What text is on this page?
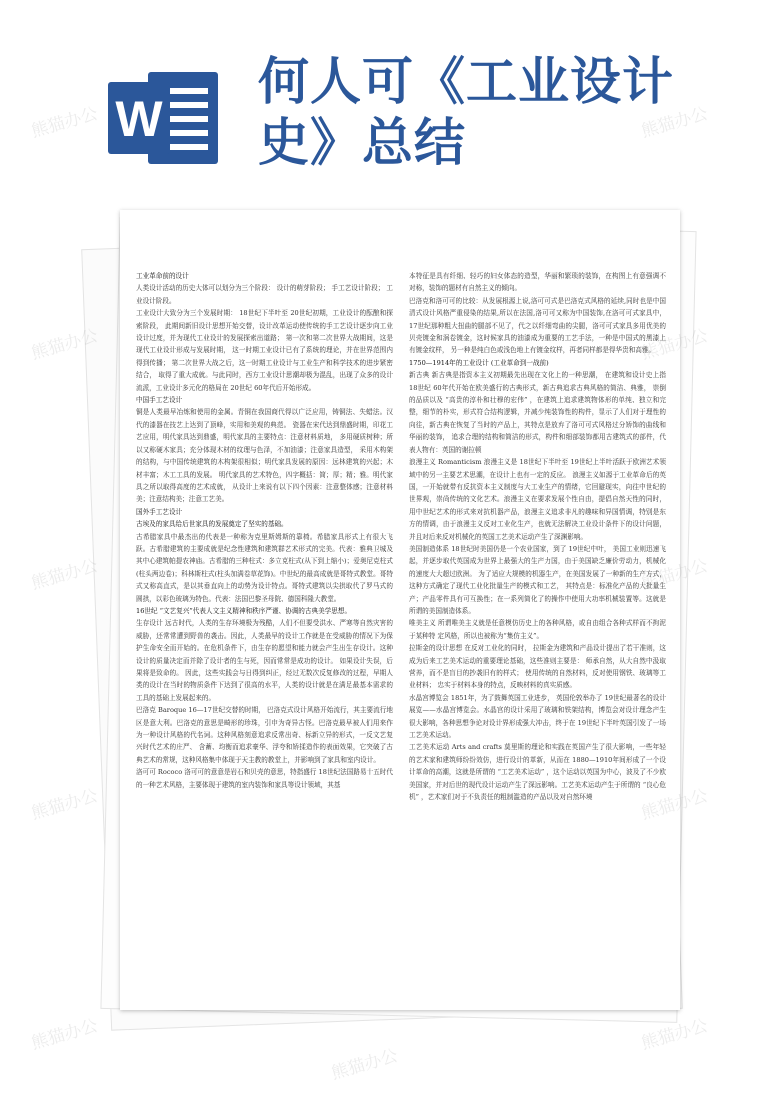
W
何人可《工业设计
史》总结

工业革命前的设计

人类设计活动的历史大体可以划分为三个阶段： 设计的萌芽阶段； 手工艺设计阶段； 工业设计阶段。

工业设计大致分为三个发展时期： 18世纪下半叶至 20世纪初期，工业设计的酝酿和探索阶段， 此期间新旧设计思想开始交替，设计改革运动使传统的手工艺设计逐步向工业设计过度，并为现代工业设计的发展探索出道路； 第一次和第二次世界大战期间，这是现代工业设计形成与发展时期， 这一时期工业设计已有了系统的理论，并在世界范围内得到传播； 第二次世界大战之后，这一时期工业设计与工业生产和科学技术的进步紧密结合， 取得了重大成就。与此同时，西方工业设计思潮却极为混乱，出现了众多的设计流派，工业设计多元化的格局在 20世纪 60年代后开始形成。

中国手工艺设计

铜是人类最早冶炼和使用的金属。青铜在我国商代得以广泛应用，铸铜法、失蜡法。汉代的漆器在技艺上达到了顶峰，实用和美观的典范。 瓷器在宋代达到鼎盛时期，印花工艺应用，明代家具达到鼎盛，明代家具的主要特点：注意材料质地， 多用硬质树种；所以又称硬木家具；充分体现木材的纹理与色泽，不加油漆；注意家具造型， 采用木构架的结构，与中国传统建筑的木构架很相似；明代家具发展的原因：远林建筑的兴起；木材丰富；木工工具的发展。 明代家具的艺术特色，四字概括：简；厚；精；雅。明代家具之所以取得高度的艺术成就， 从设计上来说有以下四个因素：注意整体感；注意材料美；注意结构美；注意工艺美。

国外手工艺设计

古埃及的家具给后世家具的发展奠定了坚实的基础。

古希腊家具中最杰出的代表是一种称为克里斯姆斯的靠椅。希腊家具形式上有很大飞跃。古希腊建筑的主要成就是纪念性建筑和建筑群艺术形式的完美。代表：雅典卫城及其中心建筑帕提农神庙。古希腊的三种柱式：多立克柱式(从下到上缩小)；爱奥尼克柱式(柱头两边卷)；科林斯柱式(柱头加满卷草花饰)。中世纪的最高成就是哥特式教堂。哥特式又称高直式，是以其垂直向上的动势为设计特点。哥特式建筑以尖拱取代了罗马式的圆拱，以彩色玻璃为特色。代表：法国巴黎圣母院、德国科隆大教堂。

16世纪 “文艺复兴”代表人文主义精神和秩序严谨、协调的古典美学思想。

生存设计 远古时代，人类的生存环境极为残酷，人们不但要受洪水、严寒等自然灾害的威胁，还常常遭到野兽的袭击。因此，人类最早的设计工作就是在受威胁的情况下为保护生命安全而开始的。在危机条件下，由生存的愿望和能力就会产生出生存设计。这种设计的质量决定而并除了设计者的生与死，因而常常是成功的设计。 如果设计失误，后果将是致命的。 因此，这些实践会与日得到纠正，经过无数次反复修改的过程，早期人类的设计在当时的物质条件下达到了很高的水平，人类的设计就是在满足最基本需求的工具的基础上发展起来的。

巴洛克 Baroque 16—17世纪交替的时期， 巴洛克式设计风格开始流行，其主要流行地区是意大利。巴洛克的意思是畸形的珍珠，引申为奇异古怪。巴洛克最早被人们用来作为一种设计风格的代名词。这种风格刻意追求反常出奇、标新立异的形式，一反文艺复兴时代艺术的庄严、 含蓄、均衡而追求豪华、浮夸和矫揉造作的表面效果，它突破了古典艺术的常规，这种风格集中体现于天主教的教堂上，并影响到了家具和室内设计。

洛可可 Rococo 洛可可的意意是岩石和贝壳的意思，特指盛行 18世纪法国路易十五时代的一种艺术风格，主要体现于建筑的室内装饰和家具等设计领域，其基

本特征是具有纤细、轻巧的妇女体态的造型，华丽和繁琐的装饰，在构图上有意强调不对称，装饰的题材有自然主义的倾向。

巴洛克和洛可可的比较：从发展根源上说,洛可可式是巴洛克式风格的延续,同时也是中国清式设计风格严重侵染的结果,所以在法国,洛可可又称为中国装饰,在洛可可式家具中，17世纪那种粗大扭曲的腿部不见了，代之以纤细弯曲的尖腿，洛可可式家具多用优美的贝壳镀金和涡卷镀金，这时候家具的油漆成为重要的工艺手法，一种是中国式的黑漆上有镀金纹样， 另一种是纯白色或浅色地上有镀金纹样，再者同样都是得华贵和高雅。

1750—1914年的工业设计 (工业革命到一战前)

新古典 新古典是指资本主义初期最先出现在文化上的一种思潮， 在建筑和设计史上指 18世纪 60年代开始在欧美盛行的古典形式，新古典追求古典风格的简洁、典雅， 崇倒的品质以及 “高贵的淳朴和壮穆的宏伟” ，在建筑上追求建筑物体形的单纯、独立和完整，细节的朴实，形式符合结构逻辑，并减少纯装饰性的构件，显示了人们对于理性的向往，新古典在恢复了当时的产品上，其特点是放弃了洛可可式风格过分矫饰的曲线和华丽的装饰， 追求合理的结构和简洁的形式，构件和细部装饰都用古建筑式的部件，代表人物有：英国的谢拉顿

浪漫主义 Romanticism 浪漫主义是 18世纪下半叶至 19世纪上半叶活跃于欧洲艺术领域中的另一主要艺术思潮，在设计上也有一定的反应。 浪漫主义如源于工业革命后的英国，一开始就带有反抗资本主义制度与大工业生产的情绪，它回避现实，向往中世纪的世界观，崇尚传统的文化艺术。浪漫主义在要求发展个性自由，提倡自然天性的同时， 用中世纪艺术的形式来对抗机器产品，浪漫主义追求非凡的趣味和异国情调，特别是东方的情调，由于浪漫主义反对工业化生产，也就无法解决工业设计条件下的设计问题，并且对后来反对机械化的英国工艺美术运动产生了深渊影响。

美国制造体系 18世纪时美国仍是一个农业国家，到了 19世纪中叶， 美国工业则迅速飞起，并逐步取代英国成为世界上最强大的生产力国，由于美国缺乏廉价劳动力，机械化的速度大大超过欧洲。 为了适应大规模的机器生产，在美国发展了一种新的生产方式，这种方式确定了现代工业化批量生产的模式和工艺， 其特点是：标准化产品的大批量生产；产品零件具有可互换性；在一系列简化了的操作中使用大功率机械装置等。这就是所谓的美国制造体系。

唯美主义 所谓唯美主义就是任意模仿历史上的各种风格，或自由组合各种式样而不拘泥于某种特 定风格，所以也被称为“集仿主义”。

拉斯金的设计思想 在反对工业化的同时， 拉斯金为建筑和产品设计提出了若干准则，这成为后来工艺美术运动的重要理论基础，这些准则主要是： 师承自然，从大自然中汲取营养，而不是盲目的抄袭旧有的样式； 使用传统的自然材料，反对使用钢铁、玻璃等工业材料； 忠实于材料本身的特点，反映材料的真实质感。

水晶宫博览会 1851年，为了鼓舞英国工业进步， 英国伦敦举办了 19世纪最著名的设计展览——水晶宫博览会。水晶宫的设计采用了玻璃和铁架结构，博览会对设计理念产生很大影响，各种思想争论对设计界形成强大冲击，终于在 19世纪下半叶英国引发了一场工艺美术运动。

工艺美术运动 Arts and crafts 莫里斯的理论和实践在英国产生了很大影响，一些年轻的艺术家和建筑师纷纷效仿，进行设计的革新，从而在 1880—1910年间形成了一个设计革命的高潮，这就是所谓的 “工艺美术运动” ，这个运动以英国为中心，波及了不少欧美国家，并对后世的现代设计运动产生了深远影响。工艺美术运动产生于所谓的 “良心危机” ，艺术家们对于不负责任的粗制滥造的产品以及对自然环境

熊猫办公	熊猫办公
熊猫办公
熊猫办公
熊猫办公
熊猫办公	熊猫办公
熊猫办公
